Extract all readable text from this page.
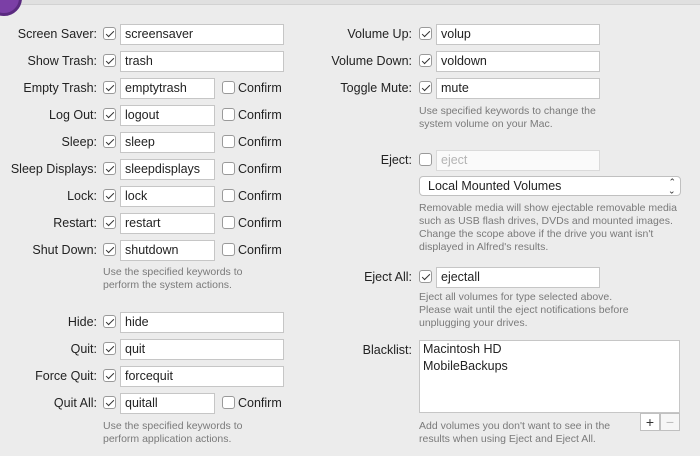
Screen Saver:	screensaver
Show Trash:	trash
Empty Trash:	emptytrash	Confirm
Log Out:	logout	Confirm
Sleep:	sleep	Confirm
Sleep Displays:	sleepdisplays	Confirm
Lock:	lock	Confirm
Restart:	restart	Confirm
Shut Down:	shutdown	Confirm
Use the specified keywords to
perform the system actions.
Hide:	hide
Quit:	quit
Force Quit:	forcequit
Quit All:	quitall	Confirm
Use the specified keywords to
perform application actions.
Volume Up:	volup
Volume Down:	voldown
Toggle Mute:	mute
Use specified keywords to change the
system volume on your Mac.
Eject:	eject
Local Mounted Volumes	⌃
⌃
Removable media will show ejectable removable media
such as USB flash drives, DVDs and mounted images.
Change the scope above if the drive you want isn't
displayed in Alfred's results.
Eject All:	ejectall
Eject all volumes for type selected above.
Please wait until the eject notifications before
unplugging your drives.
Blacklist: Macintosh HD
MobileBackups
+ −
Add volumes you don't want to see in the
results when using Eject and Eject All.
